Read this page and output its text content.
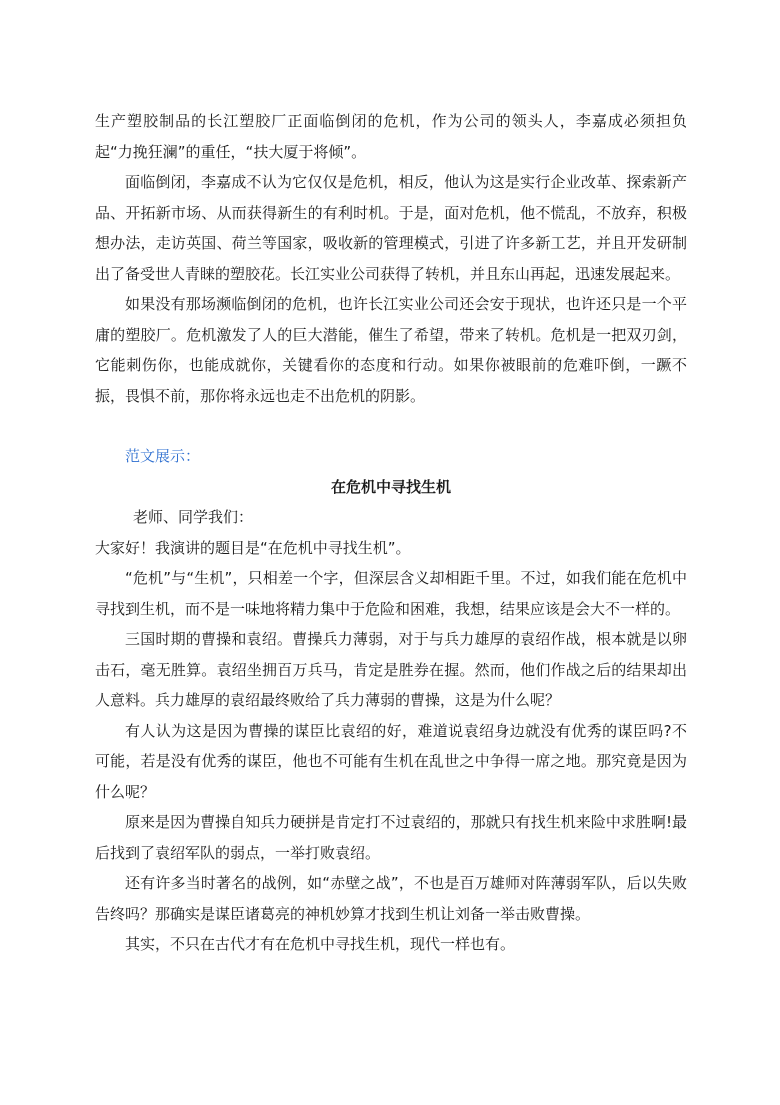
生产塑胶制品的长江塑胶厂正面临倒闭的危机，作为公司的领头人，李嘉成必须担负起“力挽狂澜”的重任，“扶大厦于将倾”。

面临倒闭，李嘉成不认为它仅仅是危机，相反，他认为这是实行企业改革、探索新产品、开拓新市场、从而获得新生的有利时机。于是，面对危机，他不慌乱，不放弃，积极想办法，走访英国、荷兰等国家，吸收新的管理模式，引进了许多新工艺，并且开发研制出了备受世人青睐的塑胶花。长江实业公司获得了转机，并且东山再起，迅速发展起来。

如果没有那场濒临倒闭的危机，也许长江实业公司还会安于现状，也许还只是一个平庸的塑胶厂。危机激发了人的巨大潜能，催生了希望，带来了转机。危机是一把双刃剑，它能刺伤你，也能成就你，关键看你的态度和行动。如果你被眼前的危难吓倒，一蹶不振，畏惧不前，那你将永远也走不出危机的阴影。

范文展示：

在危机中寻找生机

老师、同学我们：

大家好！我演讲的题目是“在危机中寻找生机”。

“危机”与“生机”，只相差一个字，但深层含义却相距千里。不过，如我们能在危机中寻找到生机，而不是一味地将精力集中于危险和困难，我想，结果应该是会大不一样的。

三国时期的曹操和袁绍。曹操兵力薄弱，对于与兵力雄厚的袁绍作战，根本就是以卵击石，毫无胜算。袁绍坐拥百万兵马，肯定是胜券在握。然而，他们作战之后的结果却出人意料。兵力雄厚的袁绍最终败给了兵力薄弱的曹操，这是为什么呢？

有人认为这是因为曹操的谋臣比袁绍的好，难道说袁绍身边就没有优秀的谋臣吗?不可能，若是没有优秀的谋臣，他也不可能有生机在乱世之中争得一席之地。那究竟是因为什么呢？

原来是因为曹操自知兵力硬拼是肯定打不过袁绍的，那就只有找生机来险中求胜啊!最后找到了袁绍军队的弱点，一举打败袁绍。

还有许多当时著名的战例，如“赤壁之战”，不也是百万雄师对阵薄弱军队，后以失败告终吗？那确实是谋臣诸葛亮的神机妙算才找到生机让刘备一举击败曹操。

其实，不只在古代才有在危机中寻找生机，现代一样也有。
